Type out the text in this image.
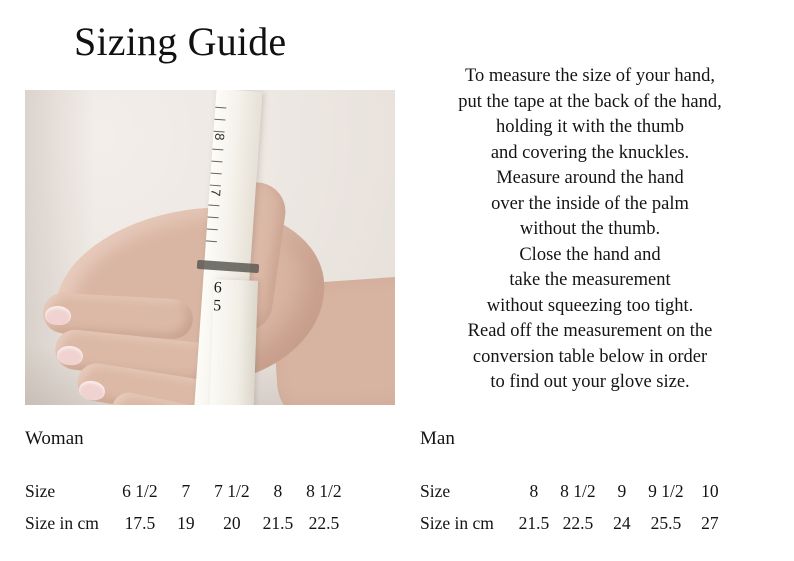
Sizing Guide
8
7
6
5
To measure the size of your hand,
put the tape at the back of the hand,
holding it with the thumb
and covering the knuckles.
Measure around the hand
over the inside of the palm
without the thumb.
Close the hand and
take the measurement
without squeezing too tight.
Read off the measurement on the
conversion table below in order
to find out your glove size.
Woman
Size	6 1/2	7	7 1/2	8	8 1/2
Size in cm	17.5	19	20	21.5	22.5
Man
Size	8	8 1/2	9	9 1/2	10
Size in cm	21.5	22.5	24	25.5	27
